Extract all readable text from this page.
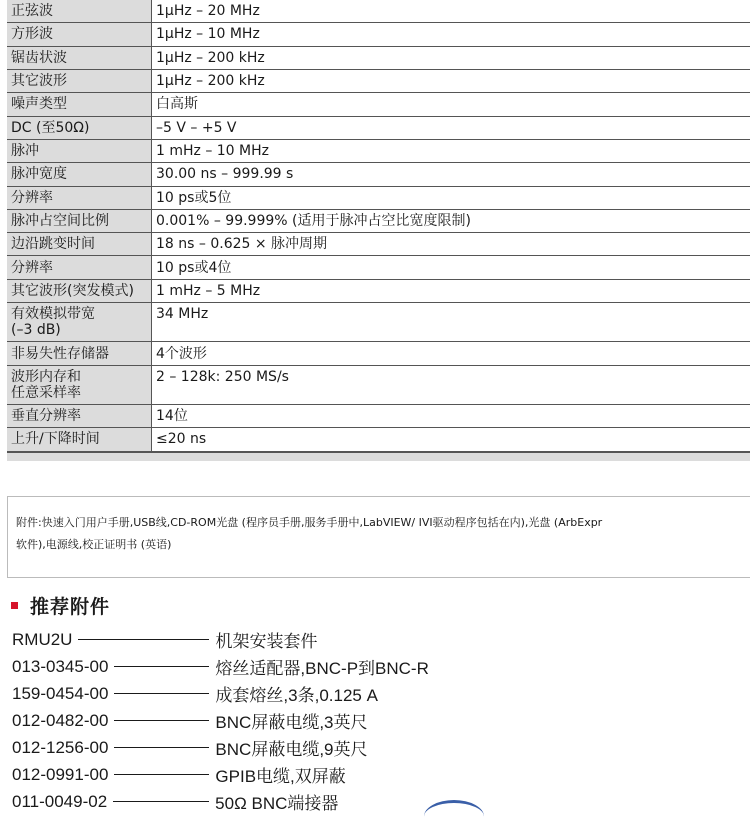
正弦波	1μHz – 20 MHz
方形波	1μHz – 10 MHz
锯齿状波	1μHz – 200 kHz
其它波形	1μHz – 200 kHz
噪声类型	白高斯
DC (至50Ω)	–5 V – +5 V
脉冲	1 mHz – 10 MHz
脉冲宽度	30.00 ns – 999.99 s
分辨率	10 ps或5位
脉冲占空间比例	0.001% – 99.999% (适用于脉冲占空比宽度限制)
边沿跳变时间	18 ns – 0.625 × 脉冲周期
分辨率	10 ps或4位
其它波形(突发模式)	1 mHz – 5 MHz
有效模拟带宽
(–3 dB)	34 MHz
非易失性存储器	4个波形
波形内存和
任意采样率	2 – 128k: 250 MS/s
垂直分辨率	14位
上升/下降时间	≤20 ns
附件:快速入门用户手册,USB线,CD-ROM光盘 (程序员手册,服务手册中,LabVIEW/ IVI驱动程序包括在内),光盘 (ArbExpr
软件),电源线,校正证明书 (英语)
推荐附件
RMU2U	机架安装套件
013-0345-00	熔丝适配器,BNC-P到BNC-R
159-0454-00	成套熔丝,3条,0.125 A
012-0482-00	BNC屏蔽电缆,3英尺
012-1256-00	BNC屏蔽电缆,9英尺
012-0991-00	GPIB电缆,双屏蔽
011-0049-02	50Ω BNC端接器
